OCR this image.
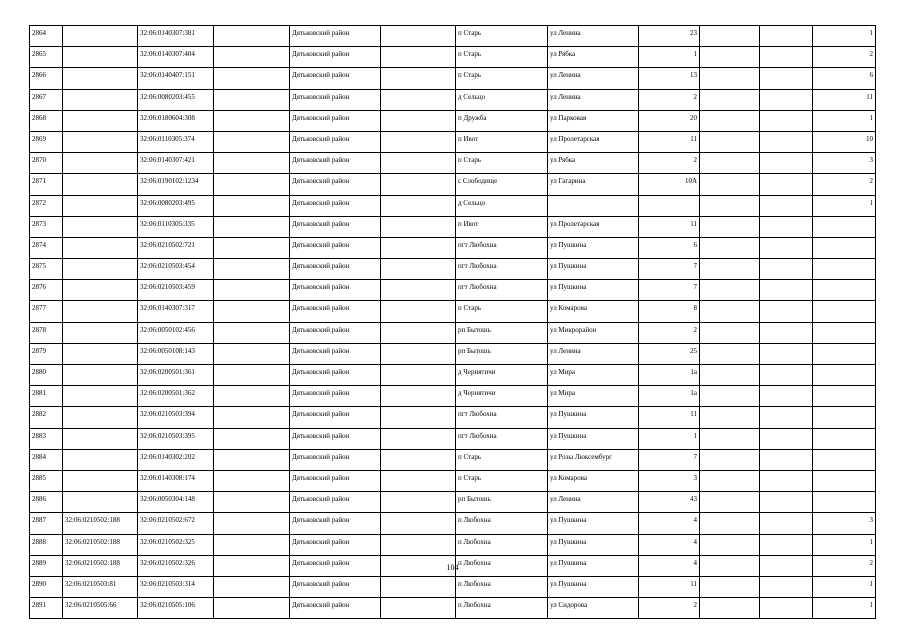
2864		32:06:0140307:381		Дятьковский район		п Старь	ул Ленина	23			1
2865		32:06:0140307:404		Дятьковский район		п Старь	ул Рябка	1			2
2866		32:06:0140407:151		Дятьковский район		п Старь	ул Ленина	13			6
2867		32:06:0080203:455		Дятьковский район		д Сельцо	ул Ленина	2			11
2868		32:06:0180604:308		Дятьковский район		п Дружба	ул Парковая	20			1
2869		32:06:0110305:374		Дятьковский район		п Ивот	ул Пролетарская	11			10
2870		32:06:0140307:421		Дятьковский район		п Старь	ул Рябка	2			3
2871		32:06:0190102:1234		Дятьковский район		с Слободище	ул Гагарина	10А			2
2872		32:06:0080203:495		Дятьковский район		д Сельцо					1
2873		32:06:0110305:335		Дятьковский район		п Ивот	ул Пролетарская	11			
2874		32:06:0210502:721		Дятьковский район		пгт Любохна	ул Пушкина	6			
2875		32:06:0210503:454		Дятьковский район		пгт Любохна	ул Пушкина	7			
2876		32:06:0210503:459		Дятьковский район		пгт Любохна	ул Пушкина	7			
2877		32:06:0140307:317		Дятьковский район		п Старь	ул Комарова	8			
2878		32:06:0050102:456		Дятьковский район		рп Бытошь	ул Микрорайон	2			
2879		32:06:0050108:143		Дятьковский район		рп Бытошь	ул Ленина	25			
2880		32:06:0200501:361		Дятьковский район		д Чернятичи	ул Мира	1а			
2881		32:06:0200501:362		Дятьковский район		д Чернятичи	ул Мира	1а			
2882		32:06:0210503:394		Дятьковский район		пгт Любохна	ул Пушкина	11			
2883		32:06:0210503:395		Дятьковский район		пгт Любохна	ул Пушкина	1			
2884		32:06:0140302:202		Дятьковский район		п Старь	ул Розы Люксембург	7			
2885		32:06:0140308:174		Дятьковский район		п Старь	ул Комарова	3			
2886		32:06:0050304:148		Дятьковский район		рп Бытошь	ул Ленина	43			
2887	32:06:0210502:188	32:06:0210502:672		Дятьковский район		п Любохна	ул Пушкина	4			3
2888	32:06:0210502:188	32:06:0210502:325		Дятьковский район		п Любохна	ул Пушкина	4			1
2889	32:06:0210502:188	32:06:0210502:326		Дятьковский район		п Любохна	ул Пушкина	4			2
2890	32:06:0210503:81	32:06:0210503:314		Дятьковский район		п Любохна	ул Пушкина	11			1
2891	32:06:0210505:66	32:06:0210505:106		Дятьковский район		п Любохна	ул Сидорова	2			1
104
